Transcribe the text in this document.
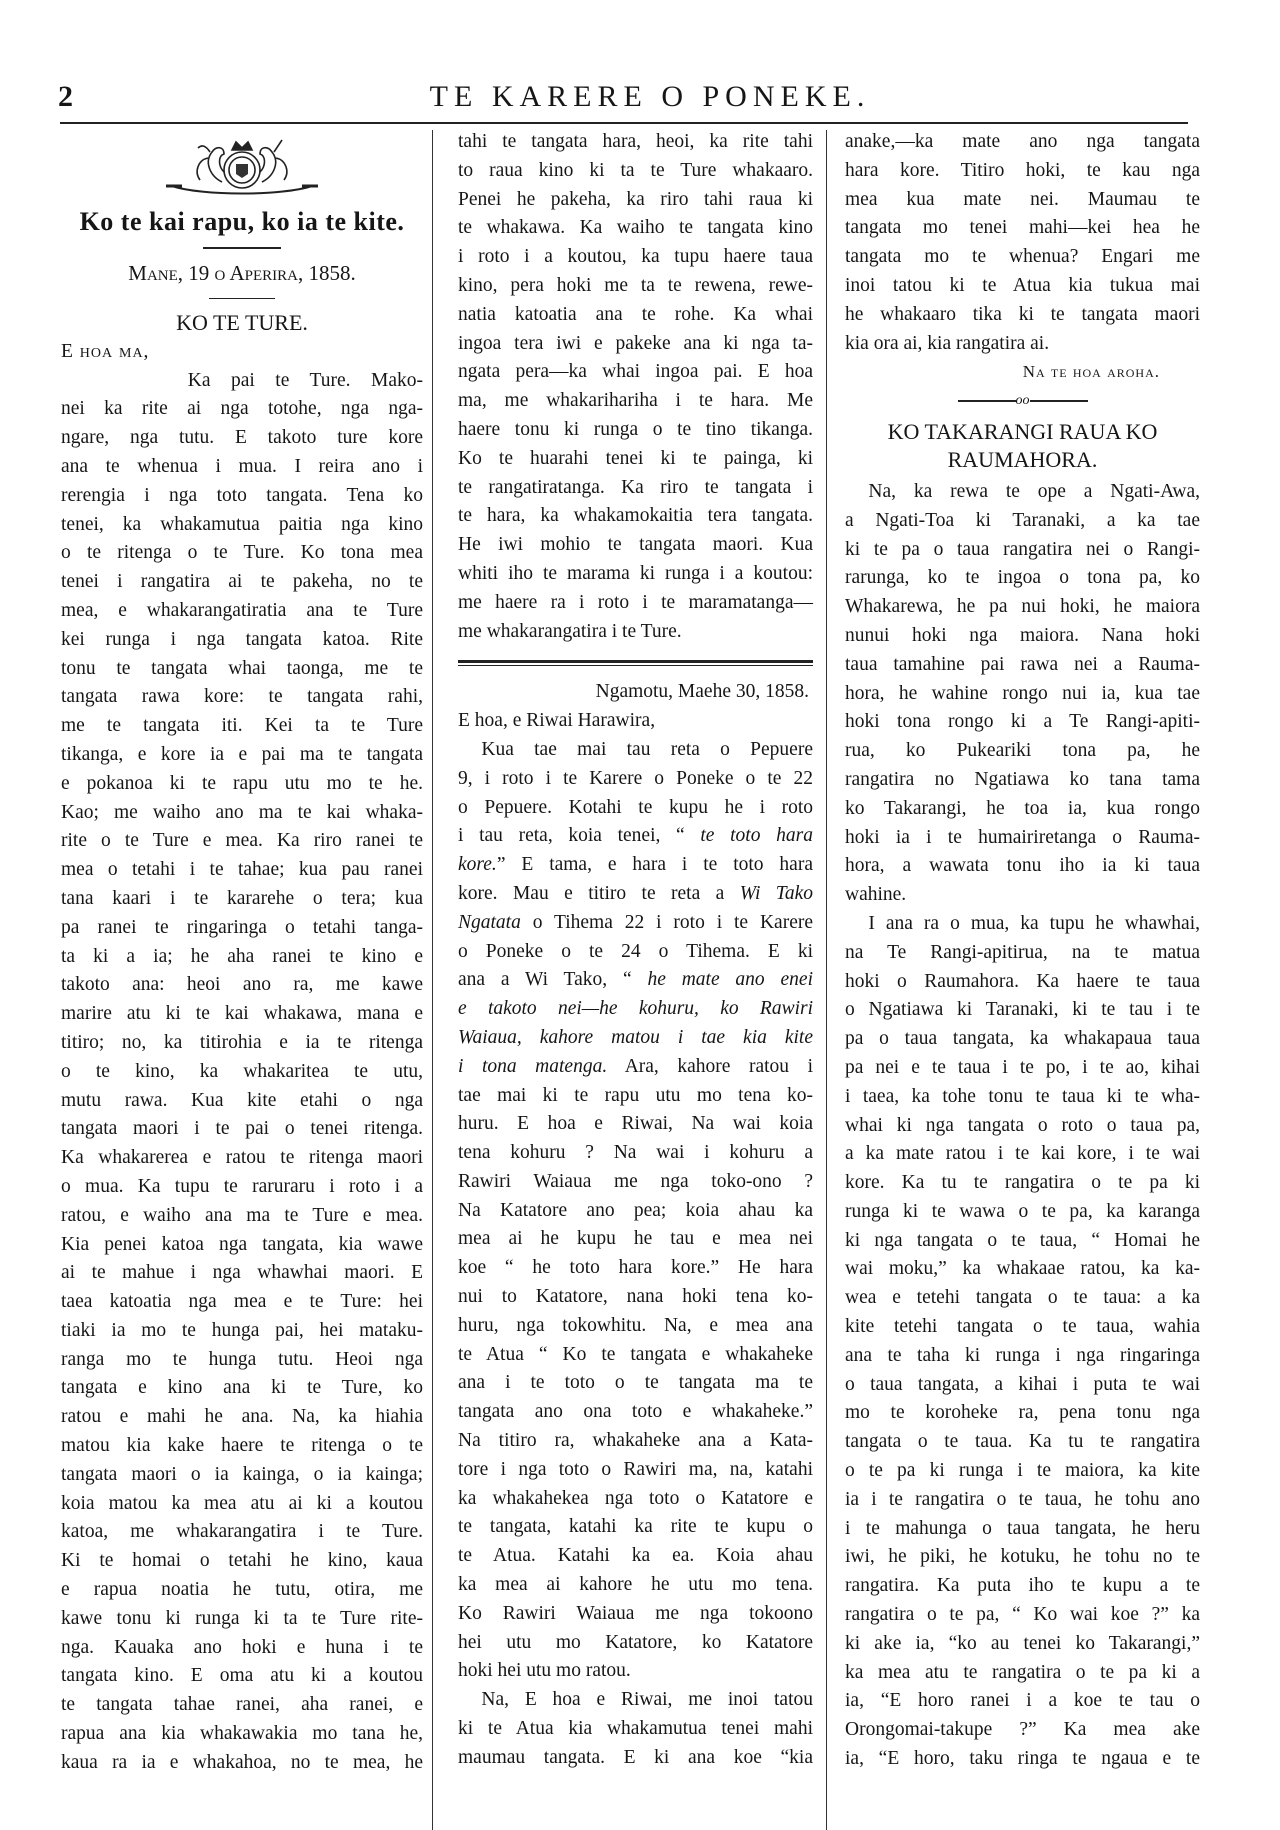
2	TE KARERE O PONEKE.
Ko te kai rapu, ko ia te kite.
Mane, 19 o Aperira, 1858.
KO TE TURE.
E hoa ma,
Ka pai te Ture. Mako-
nei ka rite ai nga totohe, nga nga-
ngare, nga tutu. E takoto ture kore
ana te whenua i mua. I reira ano i
rerengia i nga toto tangata. Tena ko
tenei, ka whakamutua paitia nga kino
o te ritenga o te Ture. Ko tona mea
tenei i rangatira ai te pakeha, no te
mea, e whakarangatiratia ana te Ture
kei runga i nga tangata katoa. Rite
tonu te tangata whai taonga, me te
tangata rawa kore: te tangata rahi,
me te tangata iti. Kei ta te Ture
tikanga, e kore ia e pai ma te tangata
e pokanoa ki te rapu utu mo te he.
Kao; me waiho ano ma te kai whaka-
rite o te Ture e mea. Ka riro ranei te
mea o tetahi i te tahae; kua pau ranei
tana kaari i te kararehe o tera; kua
pa ranei te ringaringa o tetahi tanga-
ta ki a ia; he aha ranei te kino e
takoto ana: heoi ano ra, me kawe
marire atu ki te kai whakawa, mana e
titiro; no, ka titirohia e ia te ritenga
o te kino, ka whakaritea te utu,
mutu rawa. Kua kite etahi o nga
tangata maori i te pai o tenei ritenga.
Ka whakarerea e ratou te ritenga maori
o mua. Ka tupu te raruraru i roto i a
ratou, e waiho ana ma te Ture e mea.
Kia penei katoa nga tangata, kia wawe
ai te mahue i nga whawhai maori. E
taea katoatia nga mea e te Ture: hei
tiaki ia mo te hunga pai, hei mataku-
ranga mo te hunga tutu. Heoi nga
tangata e kino ana ki te Ture, ko
ratou e mahi he ana. Na, ka hiahia
matou kia kake haere te ritenga o te
tangata maori o ia kainga, o ia kainga;
koia matou ka mea atu ai ki a koutou
katoa, me whakarangatira i te Ture.
Ki te homai o tetahi he kino, kaua
e rapua noatia he tutu, otira, me
kawe tonu ki runga ki ta te Ture rite-
nga. Kauaka ano hoki e huna i te
tangata kino. E oma atu ki a koutou
te tangata tahae ranei, aha ranei, e
rapua ana kia whakawakia mo tana he,
kaua ra ia e whakahoa, no te mea, he
tahi te tangata hara, heoi, ka rite tahi
to raua kino ki ta te Ture whakaaro.
Penei he pakeha, ka riro tahi raua ki
te whakawa. Ka waiho te tangata kino
i roto i a koutou, ka tupu haere taua
kino, pera hoki me ta te rewena, rewe-
natia katoatia ana te rohe. Ka whai
ingoa tera iwi e pakeke ana ki nga ta-
ngata pera—ka whai ingoa pai. E hoa
ma, me whakarihariha i te hara. Me
haere tonu ki runga o te tino tikanga.
Ko te huarahi tenei ki te painga, ki
te rangatiratanga. Ka riro te tangata i
te hara, ka whakamokaitia tera tangata.
He iwi mohio te tangata maori. Kua
whiti iho te marama ki runga i a koutou:
me haere ra i roto i te maramatanga—
me whakarangatira i te Ture.
Ngamotu, Maehe 30, 1858.
E hoa, e Riwai Harawira,
Kua tae mai tau reta o Pepuere
9, i roto i te Karere o Poneke o te 22
o Pepuere. Kotahi te kupu he i roto
i tau reta, koia tenei, “ te toto hara
kore.” E tama, e hara i te toto hara
kore. Mau e titiro te reta a Wi Tako
Ngatata o Tihema 22 i roto i te Karere
o Poneke o te 24 o Tihema. E ki
ana a Wi Tako, “ he mate ano enei
e takoto nei—he kohuru, ko Rawiri
Waiaua, kahore matou i tae kia kite
i tona matenga. Ara, kahore ratou i
tae mai ki te rapu utu mo tena ko-
huru. E hoa e Riwai, Na wai koia
tena kohuru ? Na wai i kohuru a
Rawiri Waiaua me nga toko-ono ?
Na Katatore ano pea; koia ahau ka
mea ai he kupu he tau e mea nei
koe “ he toto hara kore.” He hara
nui to Katatore, nana hoki tena ko-
huru, nga tokowhitu. Na, e mea ana
te Atua “ Ko te tangata e whakaheke
ana i te toto o te tangata ma te
tangata ano ona toto e whakaheke.”
Na titiro ra, whakaheke ana a Kata-
tore i nga toto o Rawiri ma, na, katahi
ka whakahekea nga toto o Katatore e
te tangata, katahi ka rite te kupu o
te Atua. Katahi ka ea. Koia ahau
ka mea ai kahore he utu mo tena.
Ko Rawiri Waiaua me nga tokoono
hei utu mo Katatore, ko Katatore
hoki hei utu mo ratou.
Na, E hoa e Riwai, me inoi tatou
ki te Atua kia whakamutua tenei mahi
maumau tangata. E ki ana koe “kia
anake,—ka mate ano nga tangata
hara kore. Titiro hoki, te kau nga
mea kua mate nei. Maumau te
tangata mo tenei mahi—kei hea he
tangata mo te whenua? Engari me
inoi tatou ki te Atua kia tukua mai
he whakaaro tika ki te tangata maori
kia ora ai, kia rangatira ai.
Na te hoa aroha.
oo
KO TAKARANGI RAUA KO
RAUMAHORA.
Na, ka rewa te ope a Ngati-Awa,
a Ngati-Toa ki Taranaki, a ka tae
ki te pa o taua rangatira nei o Rangi-
rarunga, ko te ingoa o tona pa, ko
Whakarewa, he pa nui hoki, he maiora
nunui hoki nga maiora. Nana hoki
taua tamahine pai rawa nei a Rauma-
hora, he wahine rongo nui ia, kua tae
hoki tona rongo ki a Te Rangi-apiti-
rua, ko Pukeariki tona pa, he
rangatira no Ngatiawa ko tana tama
ko Takarangi, he toa ia, kua rongo
hoki ia i te humairiretanga o Rauma-
hora, a wawata tonu iho ia ki taua
wahine.
I ana ra o mua, ka tupu he whawhai,
na Te Rangi-apitirua, na te matua
hoki o Raumahora. Ka haere te taua
o Ngatiawa ki Taranaki, ki te tau i te
pa o taua tangata, ka whakapaua taua
pa nei e te taua i te po, i te ao, kihai
i taea, ka tohe tonu te taua ki te wha-
whai ki nga tangata o roto o taua pa,
a ka mate ratou i te kai kore, i te wai
kore. Ka tu te rangatira o te pa ki
runga ki te wawa o te pa, ka karanga
ki nga tangata o te taua, “ Homai he
wai moku,” ka whakaae ratou, ka ka-
wea e tetehi tangata o te taua: a ka
kite tetehi tangata o te taua, wahia
ana te taha ki runga i nga ringaringa
o taua tangata, a kihai i puta te wai
mo te koroheke ra, pena tonu nga
tangata o te taua. Ka tu te rangatira
o te pa ki runga i te maiora, ka kite
ia i te rangatira o te taua, he tohu ano
i te mahunga o taua tangata, he heru
iwi, he piki, he kotuku, he tohu no te
rangatira. Ka puta iho te kupu a te
rangatira o te pa, “ Ko wai koe ?” ka
ki ake ia, “ko au tenei ko Takarangi,”
ka mea atu te rangatira o te pa ki a
ia, “E horo ranei i a koe te tau o
Orongomai-takupe ?” Ka mea ake
ia, “E horo, taku ringa te ngaua e te
